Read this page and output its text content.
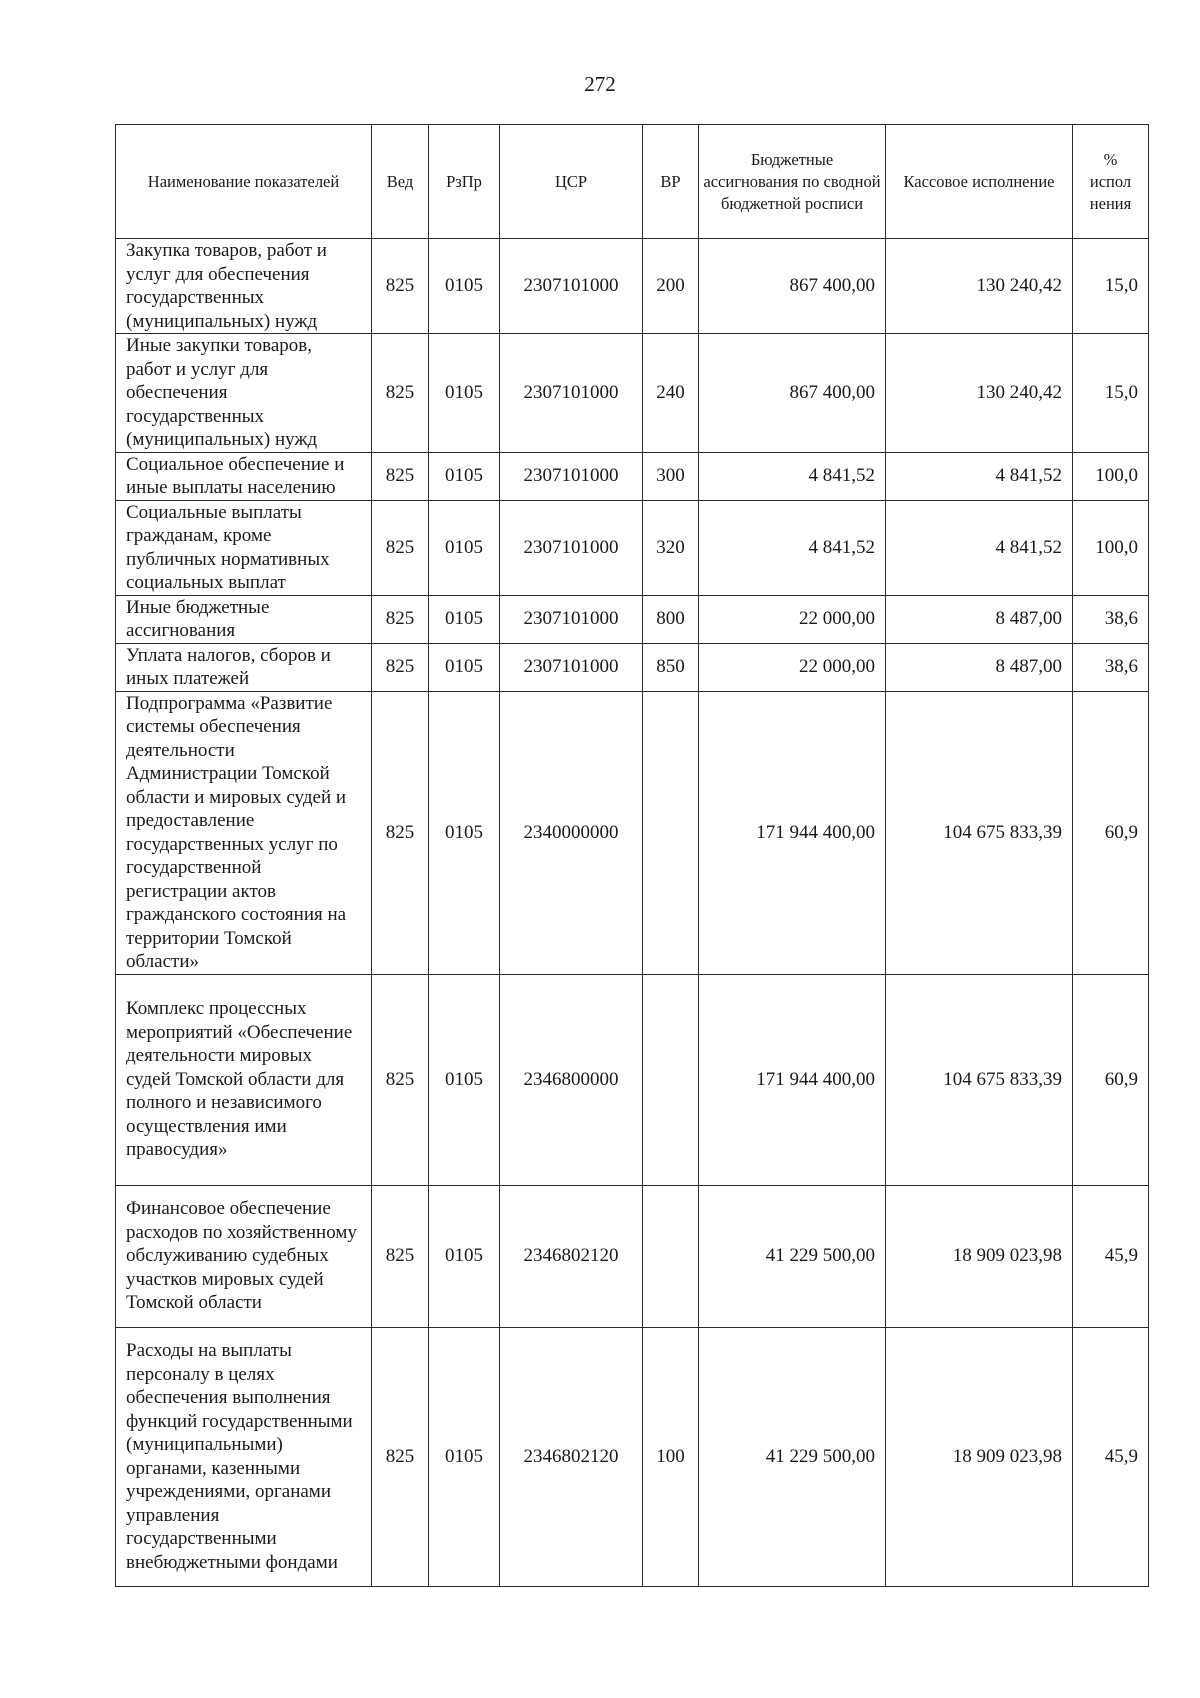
272
Наименование показателей	Вед	РзПр	ЦСР	ВР	Бюджетные ассигнования по сводной бюджетной росписи	Кассовое исполнение	% испол нения
Закупка товаров, работ и услуг для обеспечения государственных (муниципальных) нужд	825	0105	2307101000	200	867 400,00	130 240,42	15,0
Иные закупки товаров, работ и услуг для обеспечения государственных (муниципальных) нужд	825	0105	2307101000	240	867 400,00	130 240,42	15,0
Социальное обеспечение и иные выплаты населению	825	0105	2307101000	300	4 841,52	4 841,52	100,0
Социальные выплаты гражданам, кроме публичных нормативных социальных выплат	825	0105	2307101000	320	4 841,52	4 841,52	100,0
Иные бюджетные ассигнования	825	0105	2307101000	800	22 000,00	8 487,00	38,6
Уплата налогов, сборов и иных платежей	825	0105	2307101000	850	22 000,00	8 487,00	38,6
Подпрограмма «Развитие системы обеспечения деятельности Администрации Томской области и мировых судей и предоставление государственных услуг по государственной регистрации актов гражданского состояния на территории Томской области»	825	0105	2340000000		171 944 400,00	104 675 833,39	60,9
Комплекс процессных мероприятий «Обеспечение деятельности мировых судей Томской области для полного и независимого осуществления ими правосудия»	825	0105	2346800000		171 944 400,00	104 675 833,39	60,9
Финансовое обеспечение расходов по хозяйственному обслуживанию судебных участков мировых судей Томской области	825	0105	2346802120		41 229 500,00	18 909 023,98	45,9
Расходы на выплаты персоналу в целях обеспечения выполнения функций государственными (муниципальными) органами, казенными учреждениями, органами управления государственными внебюджетными фондами	825	0105	2346802120	100	41 229 500,00	18 909 023,98	45,9
